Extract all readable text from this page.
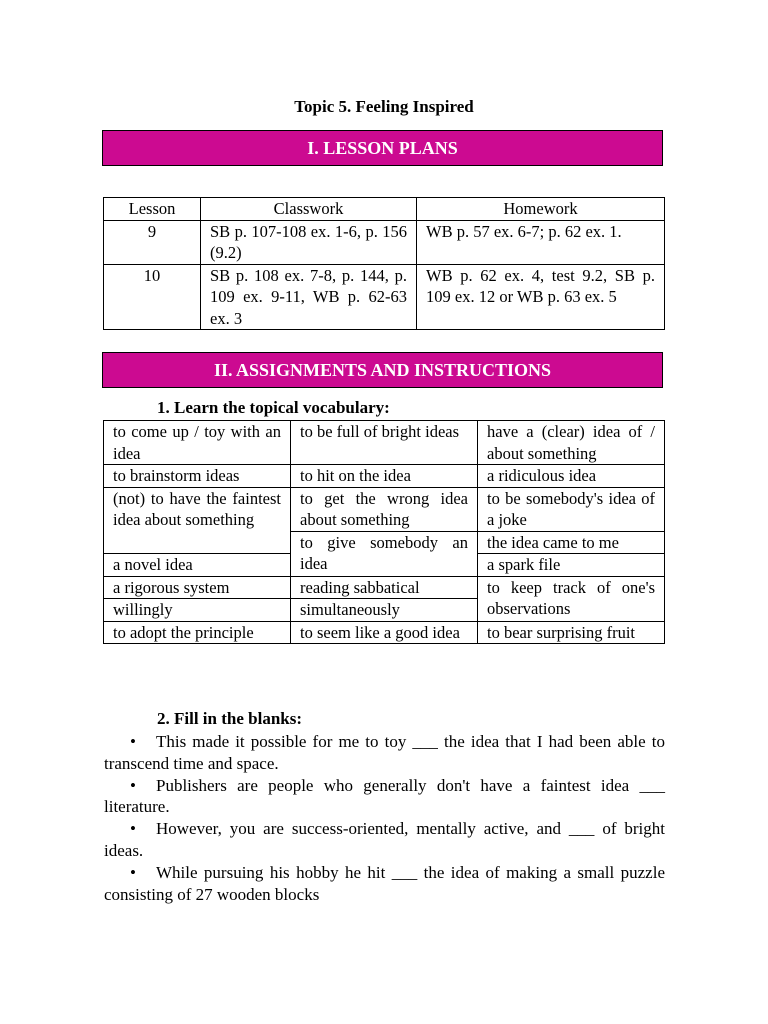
Topic 5. Feeling Inspired
I. LESSON PLANS
Lesson	Classwork	Homework
9	SB p. 107-108 ex. 1-6, p. 156 (9.2)	WB p. 57 ex. 6-7; p. 62 ex. 1.
10	SB p. 108 ex. 7-8, p. 144, p. 109 ex. 9-11, WB p. 62-63 ex. 3	WB p. 62 ex. 4, test 9.2, SB p. 109 ex. 12 or WB p. 63 ex. 5
II. ASSIGNMENTS AND INSTRUCTIONS
1. Learn the topical vocabulary:
to come up / toy with an idea	to be full of bright ideas	have a (clear) idea of / about something
to brainstorm ideas	to hit on the idea	a ridiculous idea
(not) to have the faintest idea about something	to get the wrong idea about something	to be somebody's idea of a joke
	to give somebody an idea	the idea came to me
a novel idea		a spark file
a rigorous system	reading sabbatical	to keep track of one's observations
willingly	simultaneously	
to adopt the principle	to seem like a good idea	to bear surprising fruit
2. Fill in the blanks:

• This made it possible for me to toy ___ the idea that I had been able to transcend time and space.

• Publishers are people who generally don't have a faintest idea ___ literature.

• However, you are success-oriented, mentally active, and ___ of bright ideas.

• While pursuing his hobby he hit ___ the idea of making a small puzzle consisting of 27 wooden blocks
